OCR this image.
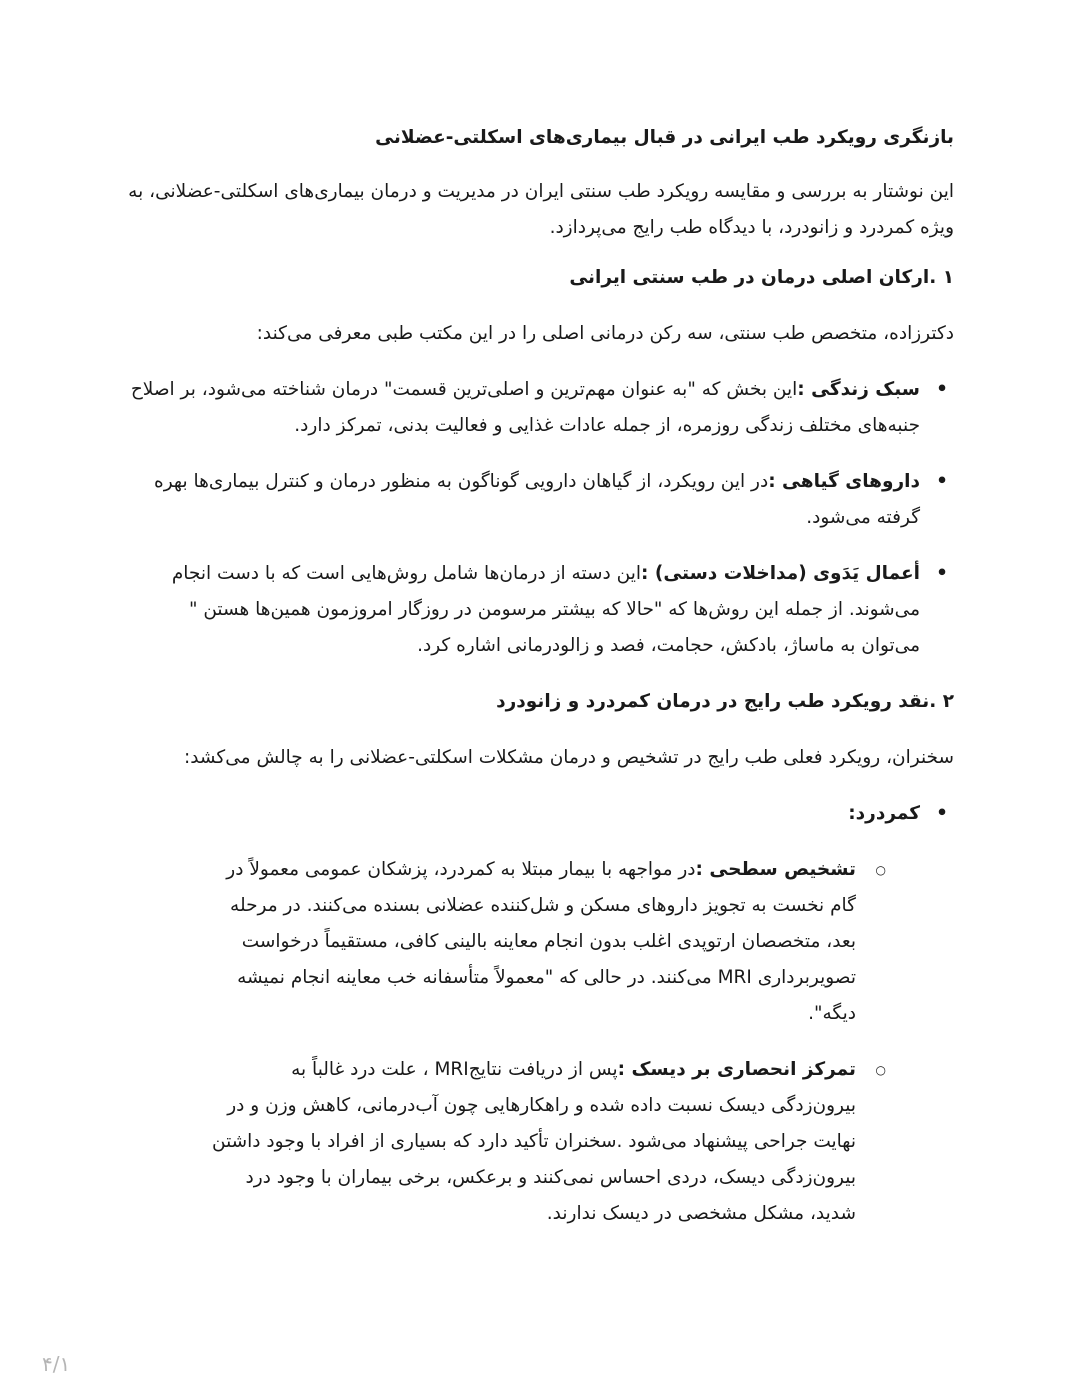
بازنگری رویکرد طب ایرانی در قبال بیماری‌های اسکلتی-عضلانی
این نوشتار به بررسی و مقایسه رویکرد طب سنتی ایران در مدیریت و درمان بیماری‌های اسکلتی-عضلانی، به ویژه کمردرد و زانودرد، با دیدگاه طب رایج می‌پردازد.
۱ .ارکان اصلی درمان در طب سنتی ایرانی
دکترزاده، متخصص طب سنتی، سه رکن درمانی اصلی را در این مکتب طبی معرفی می‌کند:
• سبک زندگی :این بخش که "به عنوان مهم‌ترین و اصلی‌ترین قسمت" درمان شناخته می‌شود، بر اصلاح جنبه‌های مختلف زندگی روزمره، از جمله عادات غذایی و فعالیت بدنی، تمرکز دارد.
• داروهای گیاهی :در این رویکرد، از گیاهان دارویی گوناگون به منظور درمان و کنترل بیماری‌ها بهره گرفته می‌شود.
• أعمال یَدَوی (مداخلات دستی) :این دسته از درمان‌ها شامل روش‌هایی است که با دست انجام می‌شوند. از جمله این روش‌ها که "حالا که بیشتر مرسومن در روزگار امروزمون همین‌ها هستن " می‌توان به ماساژ، بادکش، حجامت، فصد و زالودرمانی اشاره کرد.
۲ .نقد رویکرد طب رایج در درمان کمردرد و زانودرد
سخنران، رویکرد فعلی طب رایج در تشخیص و درمان مشکلات اسکلتی-عضلانی را به چالش می‌کشد:
• کمردرد:
○ تشخیص سطحی :در مواجهه با بیمار مبتلا به کمردرد، پزشکان عمومی معمولاً در گام نخست به تجویز داروهای مسکن و شل‌کننده عضلانی بسنده می‌کنند. در مرحله بعد، متخصصان ارتوپدی اغلب بدون انجام معاینه بالینی کافی، مستقیماً درخواست تصویربرداری MRI می‌کنند. در حالی که "معمولاً متأسفانه خب معاینه انجام نمیشه دیگه".
○ تمرکز انحصاری بر دیسک :پس از دریافت نتایجMRI ، علت درد غالباً به بیرون‌زدگی دیسک نسبت داده شده و راهکارهایی چون آب‌درمانی، کاهش وزن و در نهایت جراحی پیشنهاد می‌شود .سخنران تأکید دارد که بسیاری از افراد با وجود داشتن بیرون‌زدگی دیسک، دردی احساس نمی‌کنند و برعکس، برخی بیماران با وجود درد شدید، مشکل مشخصی در دیسک ندارند.
۴/۱
